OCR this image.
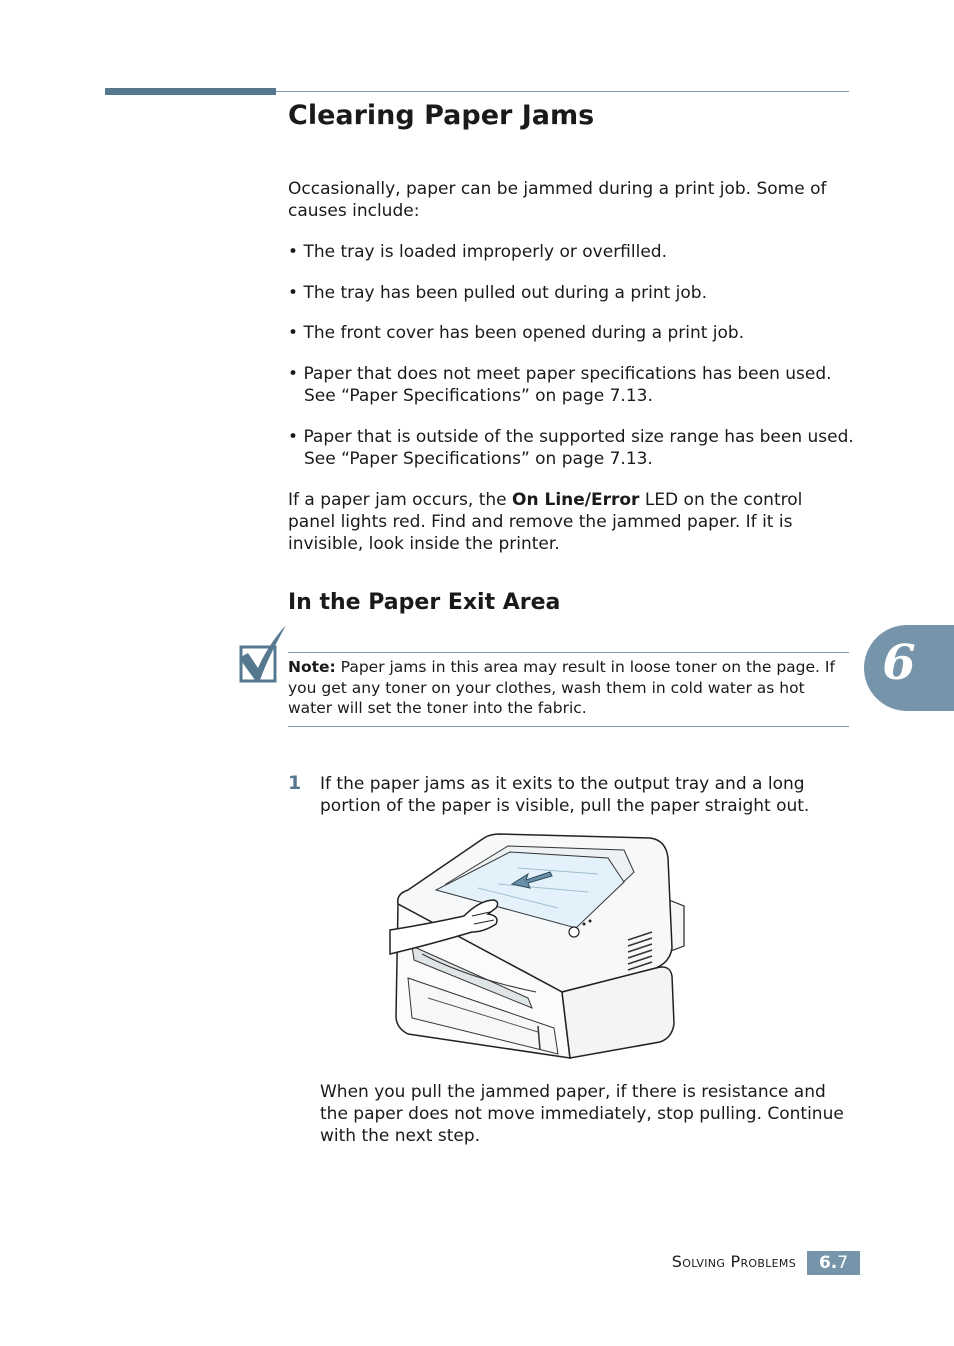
Clearing Paper Jams

Occasionally, paper can be jammed during a print job. Some of causes include:

• The tray is loaded improperly or overfilled.

• The tray has been pulled out during a print job.

• The front cover has been opened during a print job.

• Paper that does not meet paper specifications has been used. See “Paper Specifications” on page 7.13.

• Paper that is outside of the supported size range has been used. See “Paper Specifications” on page 7.13.

If a paper jam occurs, the On Line/Error LED on the control panel lights red. Find and remove the jammed paper. If it is invisible, look inside the printer.

In the Paper Exit Area

Note: Paper jams in this area may result in loose toner on the page. If you get any toner on your clothes, wash them in cold water as hot water will set the toner into the fabric.

1 If the paper jams as it exits to the output tray and a long portion of the paper is visible, pull the paper straight out.

When you pull the jammed paper, if there is resistance and the paper does not move immediately, stop pulling. Continue with the next step.

6
Solving Problems	6.7
